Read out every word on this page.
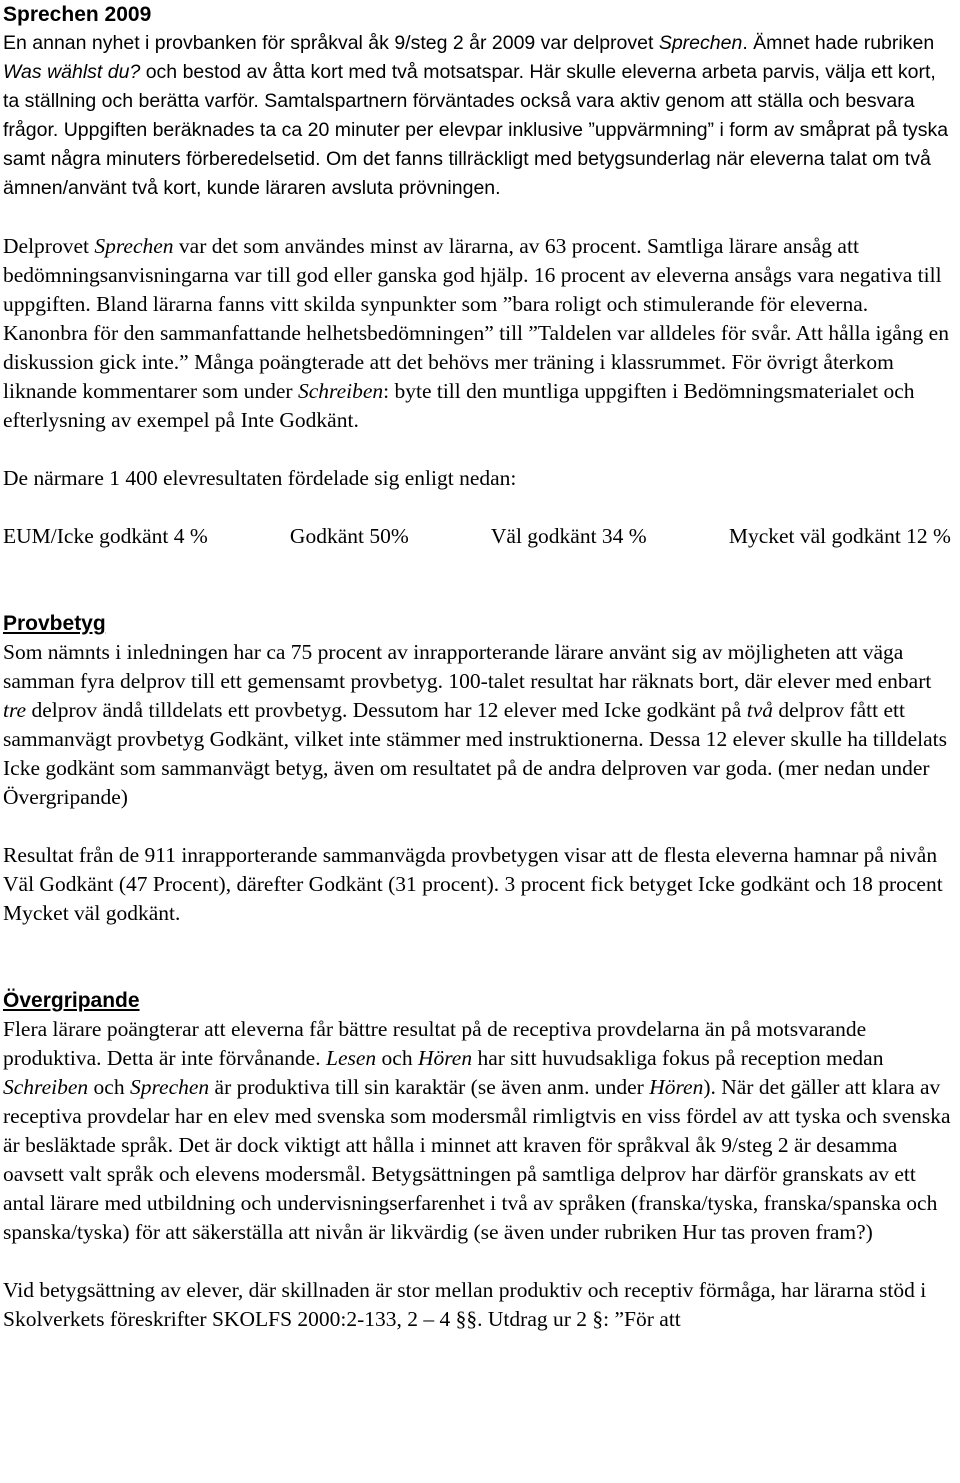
Sprechen 2009

En annan nyhet i provbanken för språkval åk 9/steg 2 år 2009 var delprovet Sprechen. Ämnet hade rubriken Was wählst du? och bestod av åtta kort med två motsatspar. Här skulle eleverna arbeta parvis, välja ett kort, ta ställning och berätta varför. Samtalspartnern förväntades också vara aktiv genom att ställa och besvara frågor. Uppgiften beräknades ta ca 20 minuter per elevpar inklusive ”uppvärmning” i form av småprat på tyska samt några minuters förberedelsetid. Om det fanns tillräckligt med betygsunderlag när eleverna talat om två ämnen/använt två kort, kunde läraren avsluta prövningen.

Delprovet Sprechen var det som användes minst av lärarna, av 63 procent. Samtliga lärare ansåg att bedömningsanvisningarna var till god eller ganska god hjälp. 16 procent av eleverna ansågs vara negativa till uppgiften. Bland lärarna fanns vitt skilda synpunkter som ”bara roligt och stimulerande för eleverna. Kanonbra för den sammanfattande helhetsbedömningen” till ”Taldelen var alldeles för svår. Att hålla igång en diskussion gick inte.” Många poängterade att det behövs mer träning i klassrummet. För övrigt återkom liknande kommentarer som under Schreiben: byte till den muntliga uppgiften i Bedömningsmaterialet och efterlysning av exempel på Inte Godkänt.

De närmare 1 400 elevresultaten fördelade sig enligt nedan:

EUM/Icke godkänt 4 %	Godkänt 50%	Väl godkänt 34 %	Mycket väl godkänt 12 %
Provbetyg

Som nämnts i inledningen har ca 75 procent av inrapporterande lärare använt sig av möjligheten att väga samman fyra delprov till ett gemensamt provbetyg. 100-talet resultat har räknats bort, där elever med enbart tre delprov ändå tilldelats ett provbetyg. Dessutom har 12 elever med Icke godkänt på två delprov fått ett sammanvägt provbetyg Godkänt, vilket inte stämmer med instruktionerna. Dessa 12 elever skulle ha tilldelats Icke godkänt som sammanvägt betyg, även om resultatet på de andra delproven var goda. (mer nedan under Övergripande)

Resultat från de 911 inrapporterande sammanvägda provbetygen visar att de flesta eleverna hamnar på nivån Väl Godkänt (47 Procent), därefter Godkänt (31 procent). 3 procent fick betyget Icke godkänt och 18 procent Mycket väl godkänt.

Övergripande

Flera lärare poängterar att eleverna får bättre resultat på de receptiva provdelarna än på motsvarande produktiva. Detta är inte förvånande. Lesen och Hören har sitt huvudsakliga fokus på reception medan Schreiben och Sprechen är produktiva till sin karaktär (se även anm. under Hören). När det gäller att klara av receptiva provdelar har en elev med svenska som modersmål rimligtvis en viss fördel av att tyska och svenska är besläktade språk. Det är dock viktigt att hålla i minnet att kraven för språkval åk 9/steg 2 är desamma oavsett valt språk och elevens modersmål. Betygsättningen på samtliga delprov har därför granskats av ett antal lärare med utbildning och undervisningserfarenhet i två av språken (franska/tyska, franska/spanska och spanska/tyska) för att säkerställa att nivån är likvärdig (se även under rubriken Hur tas proven fram?)

Vid betygsättning av elever, där skillnaden är stor mellan produktiv och receptiv förmåga, har lärarna stöd i Skolverkets föreskrifter SKOLFS 2000:2-133, 2 – 4 §§. Utdrag ur 2 §: ”För att
